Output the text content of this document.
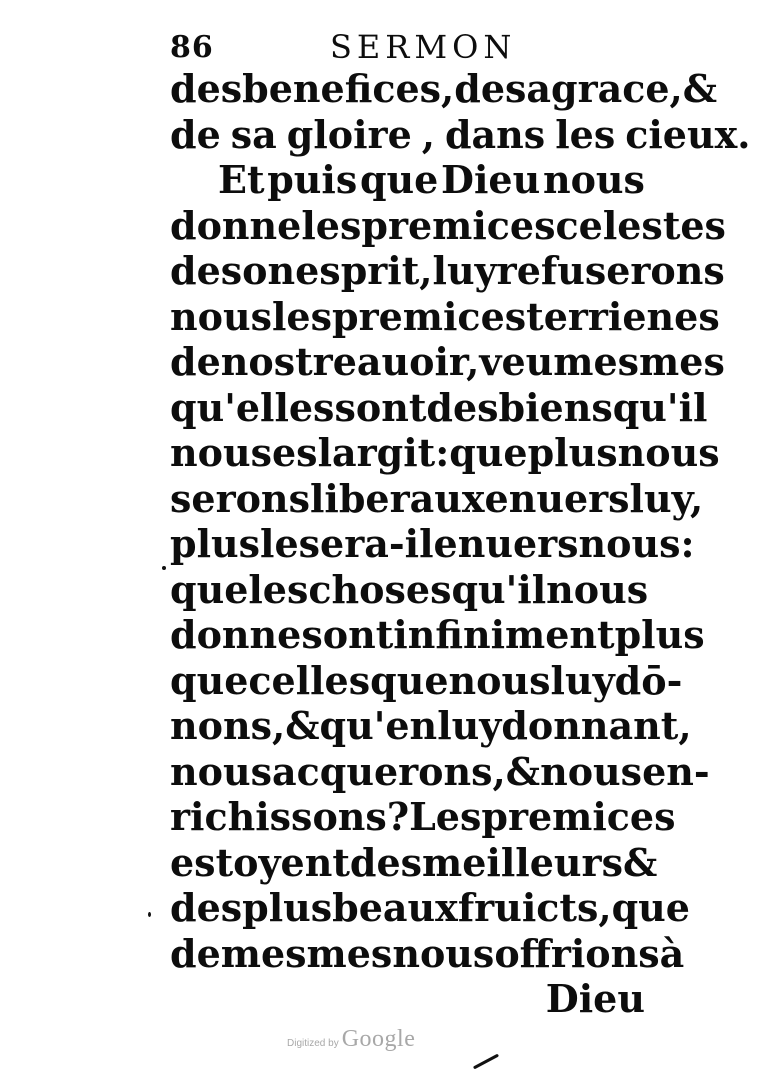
86	SERMON
des benefices,de sa grace,&
de sa gloire , dans les cieux.
Et puis que Dieu nous
donne les premices celestes
de son esprit, luy refuserons
nous les premices terrienes
de nostre auoir,veu mesmes
qu'elles sont des biens qu'il
nous eslargit:que plus nous
serons liberaux enuers luy,
plus le sera-il enuers nous:
que les choses qu'il nous
donne sont infiniment plus
que celles que nous luy dō-
nons, & qu'en luy donnant,
nous acquerons,& nous en-
richissons ? Les premices
estoyent des meilleurs &
des plus beaux fruicts , que
de mesmes nous offrions à
Dieu
Digitized by Google
